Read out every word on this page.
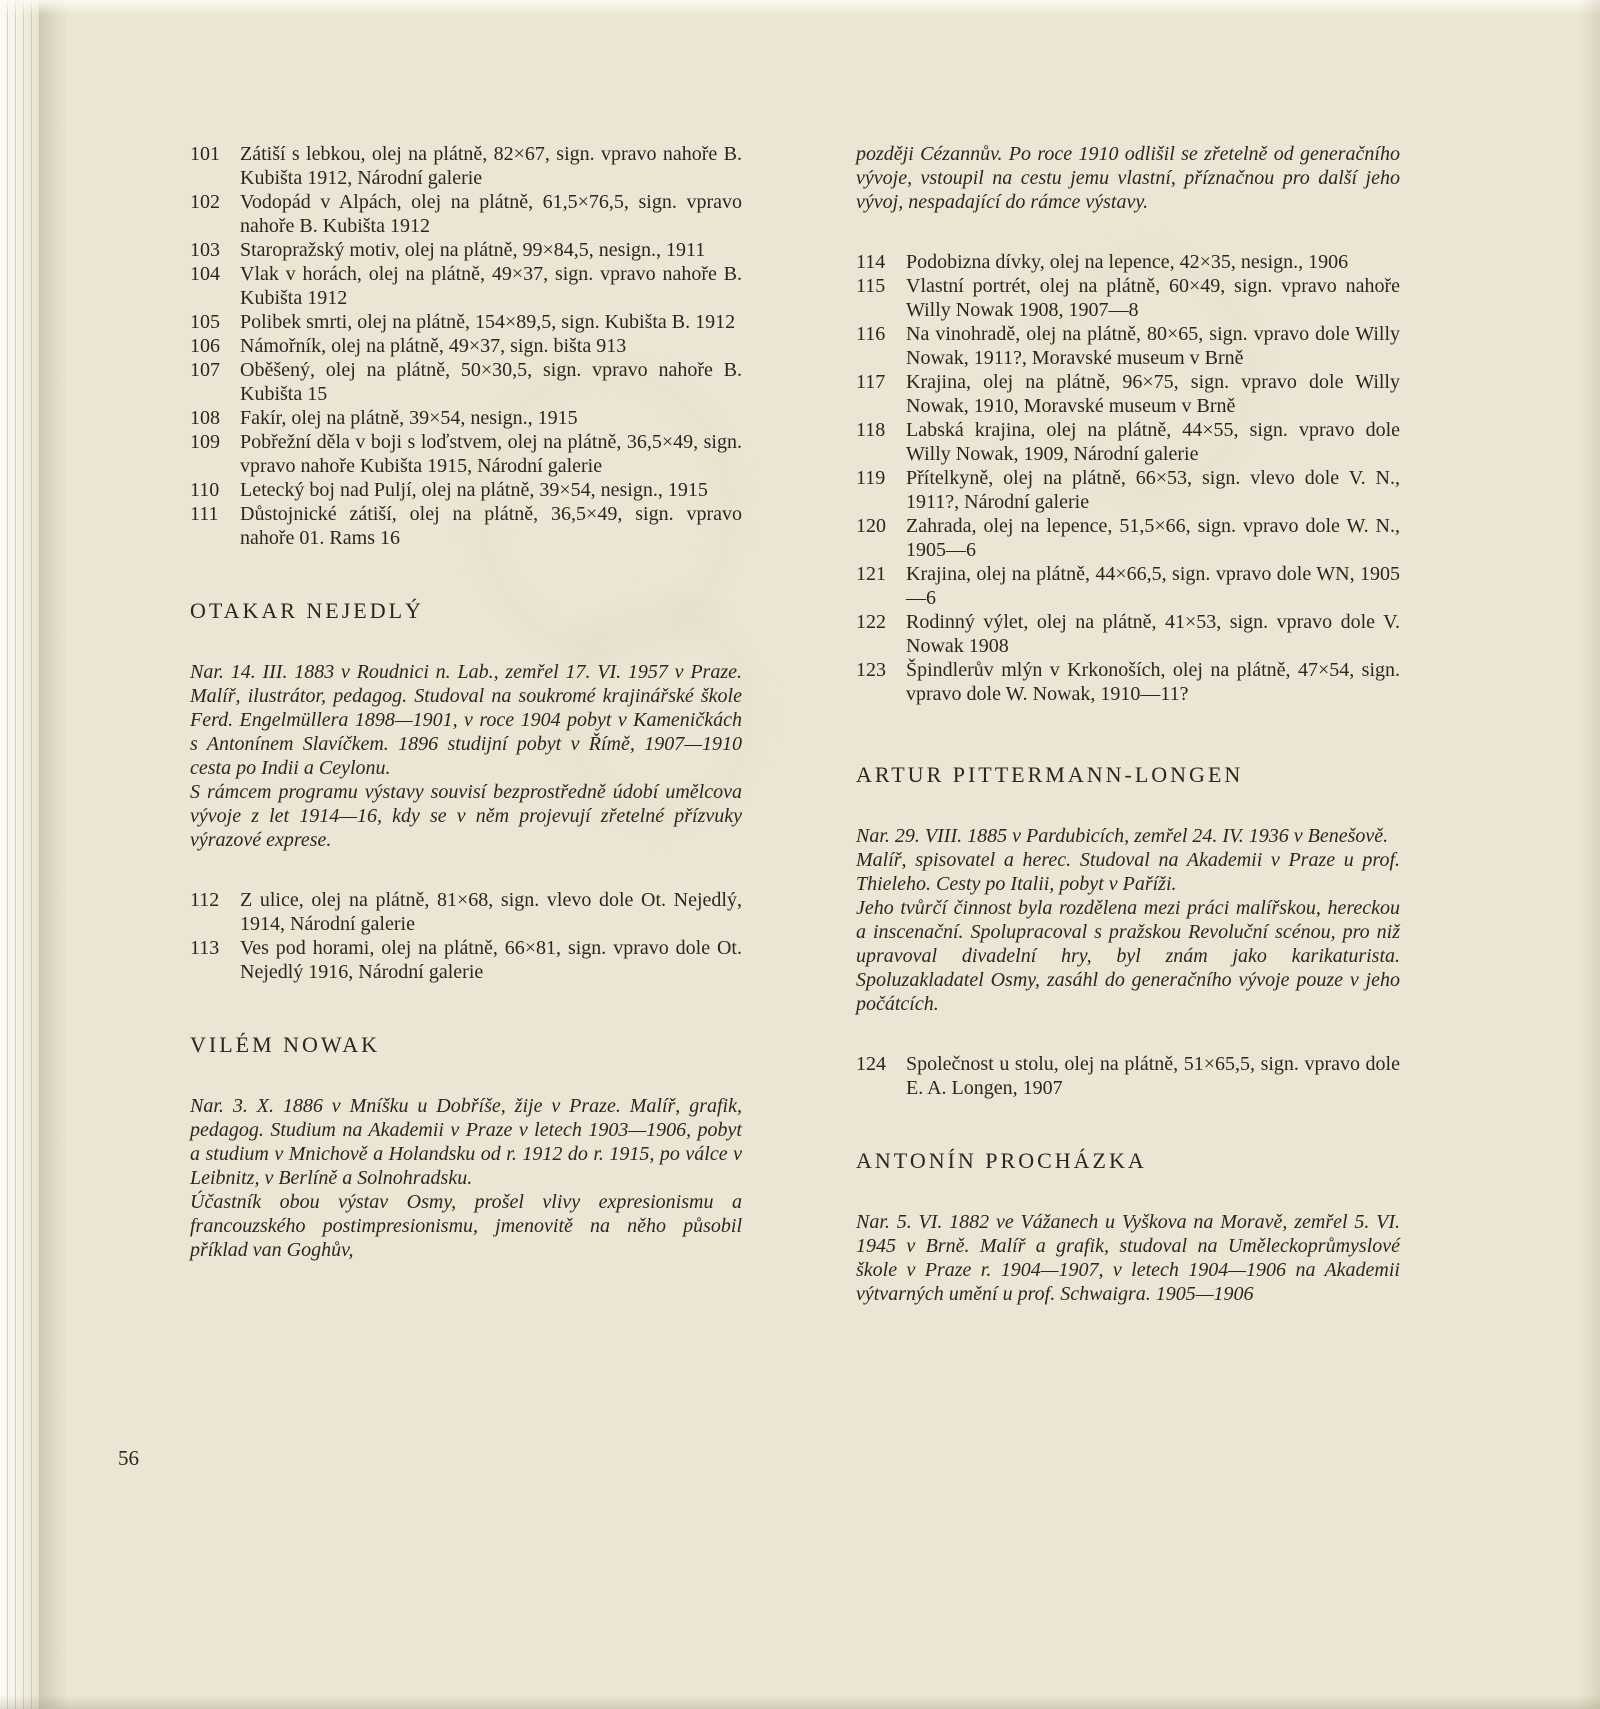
101	Zátiší s lebkou, olej na plátně, 82×67, sign. vpravo nahoře B. Kubišta 1912, Národní galerie
102	Vodopád v Alpách, olej na plátně, 61,5×76,5, sign. vpravo nahoře B. Kubišta 1912
103	Staropražský motiv, olej na plátně, 99×84,5, nesign., 1911
104	Vlak v horách, olej na plátně, 49×37, sign. vpravo nahoře B. Kubišta 1912
105	Polibek smrti, olej na plátně, 154×89,5, sign. Kubišta B. 1912
106	Námořník, olej na plátně, 49×37, sign. bišta 913
107	Oběšený, olej na plátně, 50×30,5, sign. vpravo nahoře B. Kubišta 15
108	Fakír, olej na plátně, 39×54, nesign., 1915
109	Pobřežní děla v boji s loďstvem, olej na plátně, 36,5×49, sign. vpravo nahoře Kubišta 1915, Národní galerie
110	Letecký boj nad Puljí, olej na plátně, 39×54, nesign., 1915
111	Důstojnické zátiší, olej na plátně, 36,5×49, sign. vpravo nahoře 01. Rams 16
OTAKAR NEJEDLÝ

Nar. 14. III. 1883 v Roudnici n. Lab., zemřel 17. VI. 1957 v Praze. Malíř, ilustrátor, pedagog. Studoval na soukromé krajinářské škole Ferd. Engelmüllera 1898—1901, v roce 1904 pobyt v Kameničkách s Antonínem Slavíčkem. 1896 studijní pobyt v Římě, 1907—1910 cesta po Indii a Ceylonu.

S rámcem programu výstavy souvisí bezprostředně údobí umělcova vývoje z let 1914—16, kdy se v něm projevují zřetelné přízvuky výrazové exprese.

112	Z ulice, olej na plátně, 81×68, sign. vlevo dole Ot. Nejedlý, 1914, Národní galerie
113	Ves pod horami, olej na plátně, 66×81, sign. vpravo dole Ot. Nejedlý 1916, Národní galerie
VILÉM NOWAK

Nar. 3. X. 1886 v Mníšku u Dobříše, žije v Praze. Malíř, grafik, pedagog. Studium na Akademii v Praze v letech 1903—1906, pobyt a studium v Mnichově a Holandsku od r. 1912 do r. 1915, po válce v Leibnitz, v Berlíně a Solnohradsku.

Účastník obou výstav Osmy, prošel vlivy expresionismu a francouzského postimpresionismu, jmenovitě na něho působil příklad van Goghův,

později Cézannův. Po roce 1910 odlišil se zřetelně od generačního vývoje, vstoupil na cestu jemu vlastní, příznačnou pro další jeho vývoj, nespadající do rámce výstavy.

114	Podobizna dívky, olej na lepence, 42×35, nesign., 1906
115	Vlastní portrét, olej na plátně, 60×49, sign. vpravo nahoře Willy Nowak 1908, 1907—8
116	Na vinohradě, olej na plátně, 80×65, sign. vpravo dole Willy Nowak, 1911?, Moravské museum v Brně
117	Krajina, olej na plátně, 96×75, sign. vpravo dole Willy Nowak, 1910, Moravské museum v Brně
118	Labská krajina, olej na plátně, 44×55, sign. vpravo dole Willy Nowak, 1909, Národní galerie
119	Přítelkyně, olej na plátně, 66×53, sign. vlevo dole V. N., 1911?, Národní galerie
120	Zahrada, olej na lepence, 51,5×66, sign. vpravo dole W. N., 1905—6
121	Krajina, olej na plátně, 44×66,5, sign. vpravo dole WN, 1905—6
122	Rodinný výlet, olej na plátně, 41×53, sign. vpravo dole V. Nowak 1908
123	Špindlerův mlýn v Krkonoších, olej na plátně, 47×54, sign. vpravo dole W. Nowak, 1910—11?
ARTUR PITTERMANN-LONGEN

Nar. 29. VIII. 1885 v Pardubicích, zemřel 24. IV. 1936 v Benešově.

Malíř, spisovatel a herec. Studoval na Akademii v Praze u prof. Thieleho. Cesty po Italii, pobyt v Paříži.

Jeho tvůrčí činnost byla rozdělena mezi práci malířskou, hereckou a inscenační. Spolupracoval s pražskou Revoluční scénou, pro niž upravoval divadelní hry, byl znám jako karikaturista. Spoluzakladatel Osmy, zasáhl do generačního vývoje pouze v jeho počátcích.

124	Společnost u stolu, olej na plátně, 51×65,5, sign. vpravo dole E. A. Longen, 1907
ANTONÍN PROCHÁZKA

Nar. 5. VI. 1882 ve Vážanech u Vyškova na Moravě, zemřel 5. VI. 1945 v Brně. Malíř a grafik, studoval na Uměleckoprůmyslové škole v Praze r. 1904—1907, v letech 1904—1906 na Akademii výtvarných umění u prof. Schwaigra. 1905—1906

56
